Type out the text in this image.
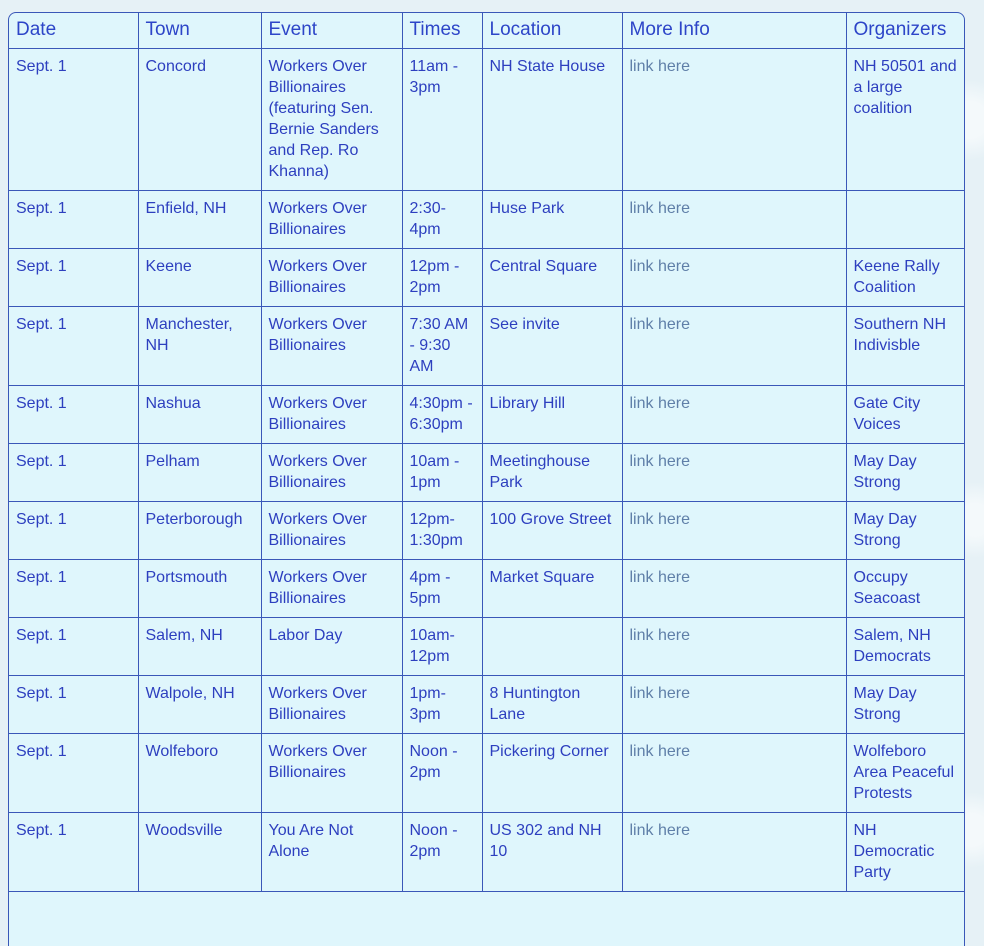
Date	Town	Event	Times	Location	More Info	Organizers
Sept. 1	Concord	Workers Over Billionaires (featuring Sen. Bernie Sanders and Rep. Ro Khanna)	11am - 3pm	NH State House	link here	NH 50501 and a large coalition
Sept. 1	Enfield, NH	Workers Over Billionaires	2:30- 4pm	Huse Park	link here	
Sept. 1	Keene	Workers Over Billionaires	12pm - 2pm	Central Square	link here	Keene Rally Coalition
Sept. 1	Manchester, NH	Workers Over Billionaires	7:30 AM - 9:30 AM	See invite	link here	Southern NH Indivisble
Sept. 1	Nashua	Workers Over Billionaires	4:30pm - 6:30pm	Library Hill	link here	Gate City Voices
Sept. 1	Pelham	Workers Over Billionaires	10am - 1pm	Meetinghouse Park	link here	May Day Strong
Sept. 1	Peterborough	Workers Over Billionaires	12pm- 1:30pm	100 Grove Street	link here	May Day Strong
Sept. 1	Portsmouth	Workers Over Billionaires	4pm - 5pm	Market Square	link here	Occupy Seacoast
Sept. 1	Salem, NH	Labor Day	10am- 12pm		link here	Salem, NH Democrats
Sept. 1	Walpole, NH	Workers Over Billionaires	1pm- 3pm	8 Huntington Lane	link here	May Day Strong
Sept. 1	Wolfeboro	Workers Over Billionaires	Noon - 2pm	Pickering Corner	link here	Wolfeboro Area Peaceful Protests
Sept. 1	Woodsville	You Are Not Alone	Noon - 2pm	US 302 and NH 10	link here	NH Democratic Party
